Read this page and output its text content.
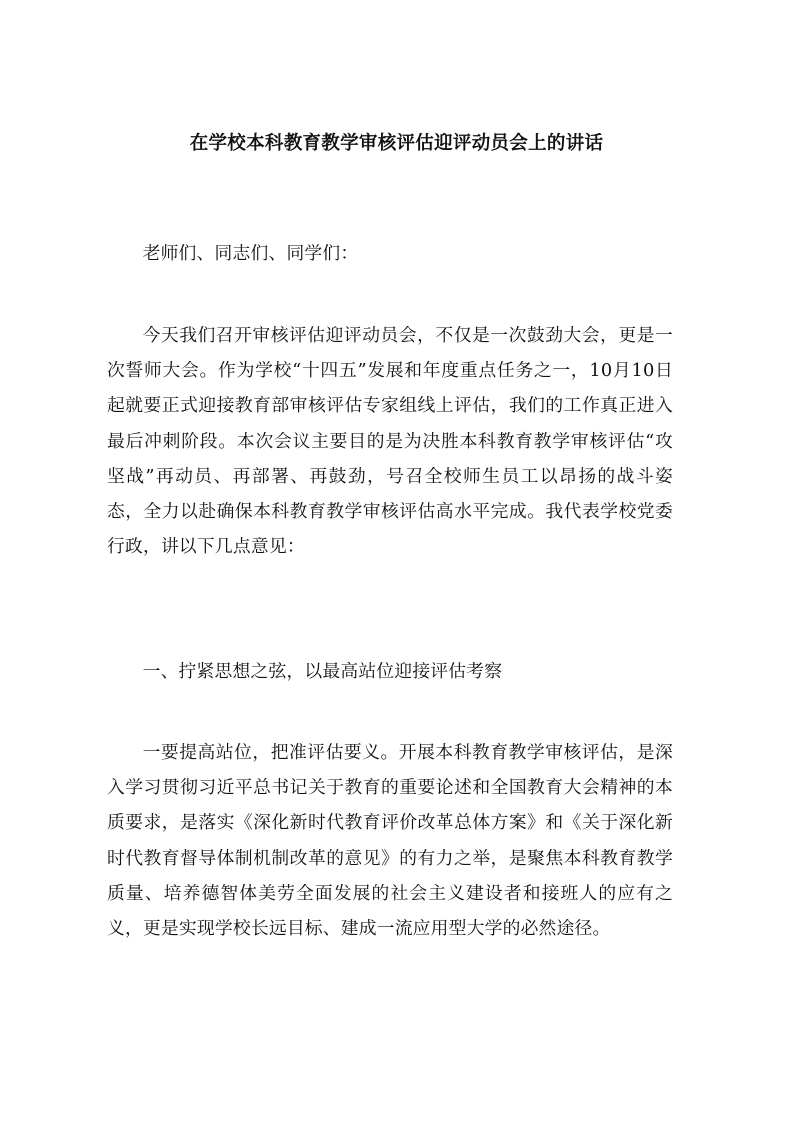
在学校本科教育教学审核评估迎评动员会上的讲话

老师们、同志们、同学们：

今天我们召开审核评估迎评动员会，不仅是一次鼓劲大会，更是一次誓师大会。作为学校“十四五”发展和年度重点任务之一，10月10日起就要正式迎接教育部审核评估专家组线上评估，我们的工作真正进入最后冲刺阶段。本次会议主要目的是为决胜本科教育教学审核评估“攻坚战”再动员、再部署、再鼓劲，号召全校师生员工以昂扬的战斗姿态，全力以赴确保本科教育教学审核评估高水平完成。我代表学校党委行政，讲以下几点意见：

一、拧紧思想之弦，以最高站位迎接评估考察

一要提高站位，把准评估要义。开展本科教育教学审核评估，是深入学习贯彻习近平总书记关于教育的重要论述和全国教育大会精神的本质要求，是落实《深化新时代教育评价改革总体方案》和《关于深化新时代教育督导体制机制改革的意见》的有力之举，是聚焦本科教育教学质量、培养德智体美劳全面发展的社会主义建设者和接班人的应有之义，更是实现学校长远目标、建成一流应用型大学的必然途径。
